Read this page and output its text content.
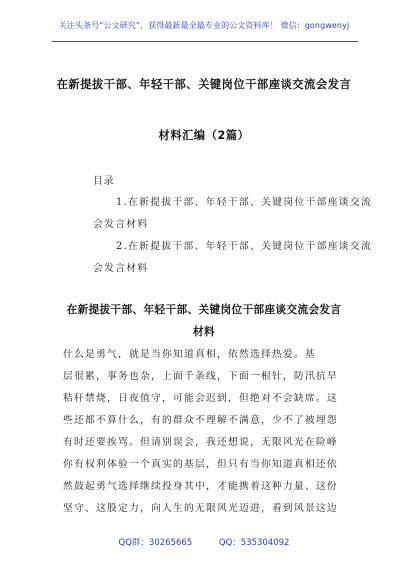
关注头条号“公文研究”，获得最新最全最专业的公文资料库！ 微信：gongwenyj
在新提拔干部、年轻干部、关键岗位干部座谈交流会发言
材料汇编（2篇）
目录
1.在新提拔干部、年轻干部、关键岗位干部座谈交流
会发言材料
2.在新提拔干部、年轻干部、关键岗位干部座谈交流
会发言材料
在新提拔干部、年轻干部、关键岗位干部座谈交流会发言
材料
什么是勇气，就是当你知道真相，依然选择热爱。基
层很累，事务也杂，上面千条线，下面一根针，防汛抗旱
秸秆禁烧，日夜值守，可能会迟到，但绝对不会缺席。这
些还都不算什么，有的群众不理解不满意，少不了被埋怨
有时还要挨骂。但请别误会，我还想说，无限风光在险峰
你有权利体验一个真实的基层，但只有当你知道真相还依
然鼓起勇气选择继续投身其中，才能携着这种力量、这份
坚守、这股定力，向人生的无限风光迈进，看到风景这边
QQ群：30265665	QQ：535304092
